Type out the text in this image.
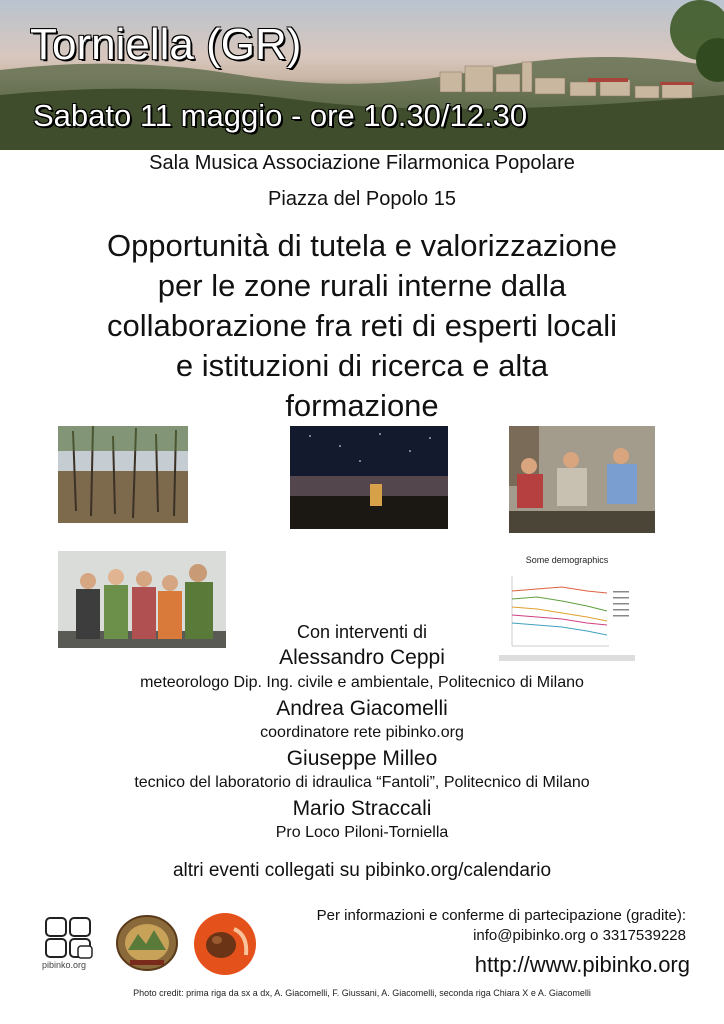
Torniella (GR)
Sabato 11 maggio - ore 10.30/12.30
Sala Musica Associazione Filarmonica Popolare
Piazza del Popolo 15
Opportunità di tutela e valorizzazione
per le zone rurali interne dalla
collaborazione fra reti di esperti locali
e istituzioni di ricerca e alta
formazione
Some demographics
Con interventi di
Alessandro Ceppi
meteorologo Dip. Ing. civile e ambientale, Politecnico di Milano
Andrea Giacomelli
coordinatore rete pibinko.org
Giuseppe Milleo
tecnico del laboratorio di idraulica “Fantoli”, Politecnico di Milano
Mario Straccali
Pro Loco Piloni-Torniella
altri eventi collegati su pibinko.org/calendario
pibinko.org
Per informazioni e conferme di partecipazione (gradite):
info@pibinko.org o 3317539228
http://www.pibinko.org
Photo credit: prima riga da sx a dx, A. Giacomelli, F. Giussani, A. Giacomelli, seconda riga Chiara X e A. Giacomelli
